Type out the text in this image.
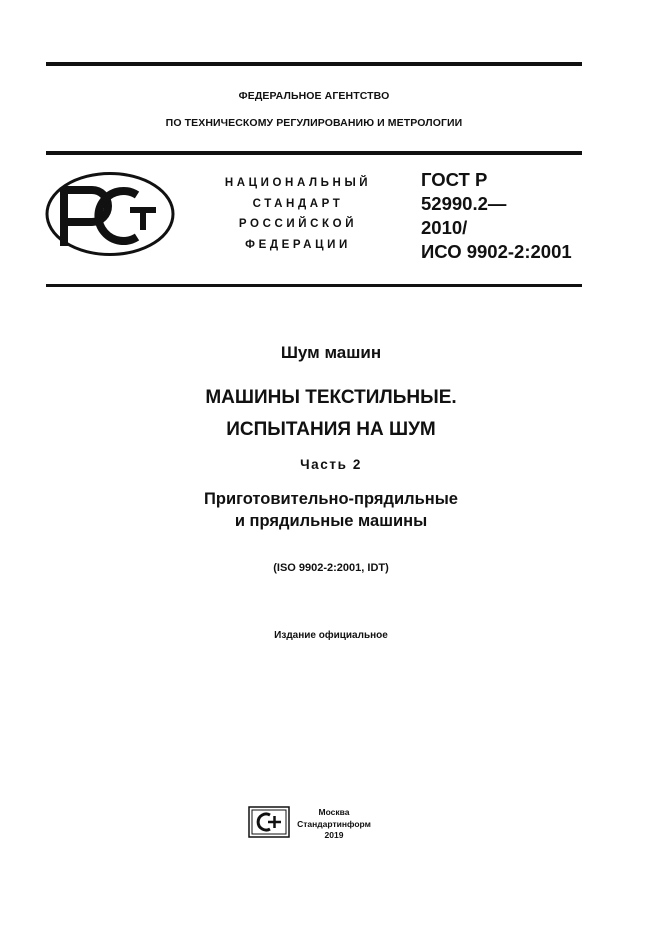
ФЕДЕРАЛЬНОЕ АГЕНТСТВО
ПО ТЕХНИЧЕСКОМУ РЕГУЛИРОВАНИЮ И МЕТРОЛОГИИ
НАЦИОНАЛЬНЫЙ
СТАНДАРТ
РОССИЙСКОЙ
ФЕДЕРАЦИИ
ГОСТ Р
52990.2—
2010/
ИСО 9902-2:2001
Шум машин
МАШИНЫ ТЕКСТИЛЬНЫЕ.
ИСПЫТАНИЯ НА ШУМ
Часть 2
Приготовительно-прядильные
и прядильные машины
(ISO 9902-2:2001, IDT)
Издание официальное
Москва
Стандартинформ
2019
